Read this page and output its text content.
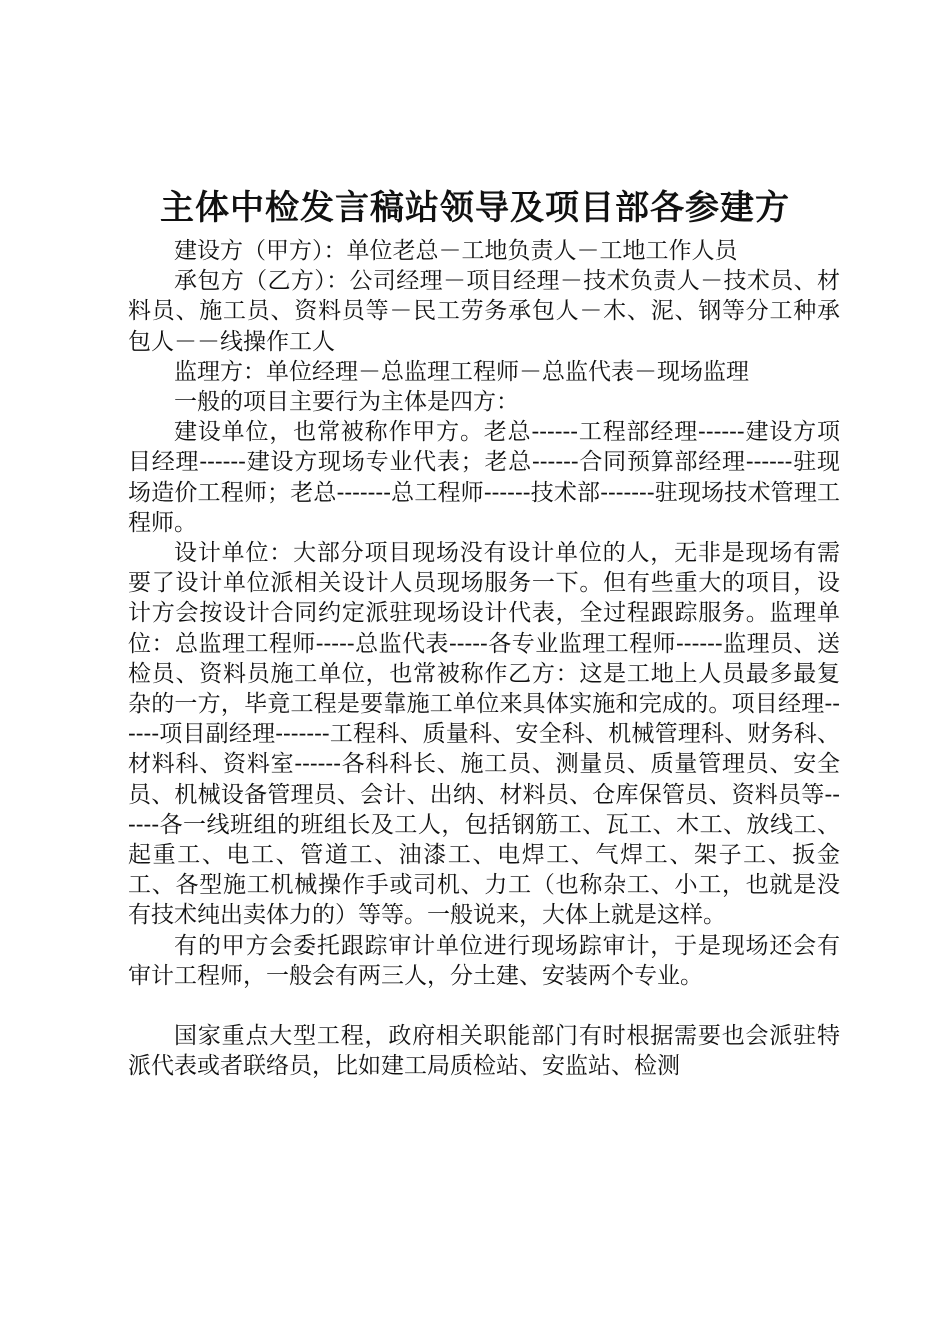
主体中检发言稿站领导及项目部各参建方

建设方（甲方）：单位老总－工地负责人－工地工作人员

承包方（乙方）：公司经理－项目经理－技术负责人－技术员、材料员、施工员、资料员等－民工劳务承包人－木、泥、钢等分工种承包人－－线操作工人

监理方：单位经理－总监理工程师－总监代表－现场监理

一般的项目主要行为主体是四方：

建设单位，也常被称作甲方。老总------工程部经理------建设方项目经理------建设方现场专业代表；老总------合同预算部经理------驻现场造价工程师；老总-------总工程师------技术部-------驻现场技术管理工程师。

设计单位：大部分项目现场没有设计单位的人，无非是现场有需要了设计单位派相关设计人员现场服务一下。但有些重大的项目，设计方会按设计合同约定派驻现场设计代表，全过程跟踪服务。监理单位：总监理工程师-----总监代表-----各专业监理工程师------监理员、送检员、资料员施工单位，也常被称作乙方：这是工地上人员最多最复杂的一方，毕竟工程是要靠施工单位来具体实施和完成的。项目经理------项目副经理-------工程科、质量科、安全科、机械管理科、财务科、材料科、资料室------各科科长、施工员、测量员、质量管理员、安全员、机械设备管理员、会计、出纳、材料员、仓库保管员、资料员等------各一线班组的班组长及工人，包括钢筋工、瓦工、木工、放线工、起重工、电工、管道工、油漆工、电焊工、气焊工、架子工、扳金工、各型施工机械操作手或司机、力工（也称杂工、小工，也就是没有技术纯出卖体力的）等等。一般说来，大体上就是这样。

有的甲方会委托跟踪审计单位进行现场踪审计，于是现场还会有审计工程师，一般会有两三人，分土建、安装两个专业。

国家重点大型工程，政府相关职能部门有时根据需要也会派驻特派代表或者联络员，比如建工局质检站、安监站、检测
